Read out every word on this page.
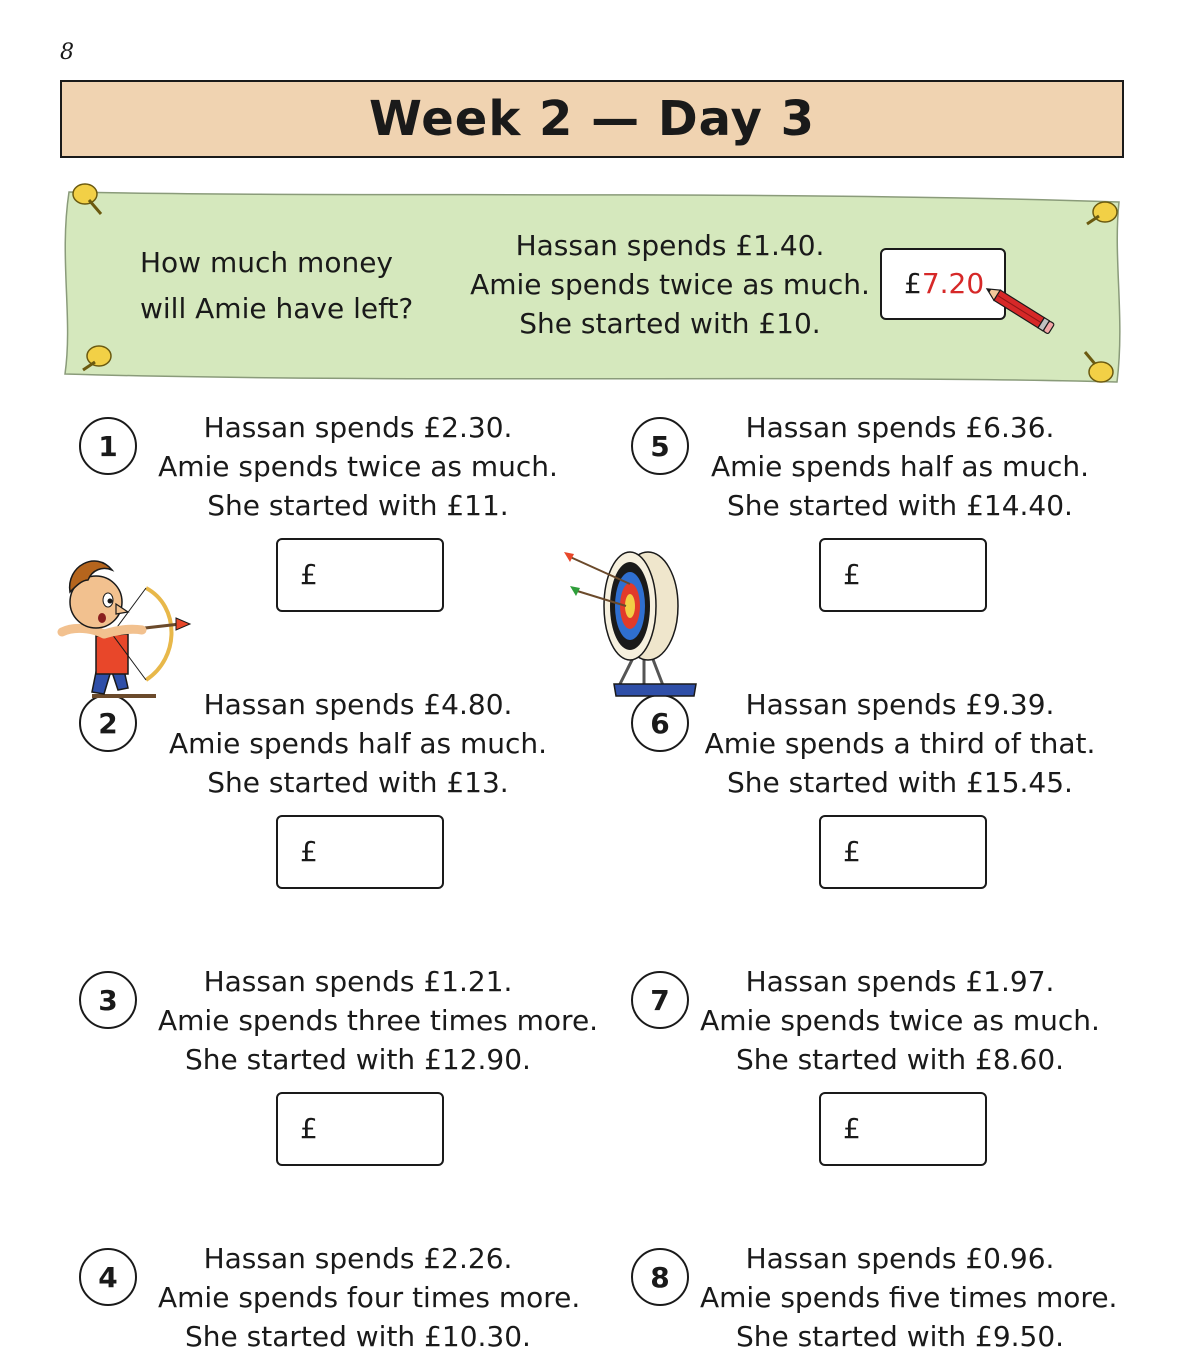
8
Week 2 — Day 3
How much money
will Amie have left?
Hassan spends £1.40.
Amie spends twice as much.
She started with £10.
£7.20
1
Hassan spends £2.30.
Amie spends twice as much.
She started with £11.
£
2
Hassan spends £4.80.
Amie spends half as much.
She started with £13.
£
3
Hassan spends £1.21.
Amie spends three times more.
She started with £12.90.
£
4
Hassan spends £2.26.
Amie spends four times more.
She started with £10.30.
5
Hassan spends £6.36.
Amie spends half as much.
She started with £14.40.
£
6
Hassan spends £9.39.
Amie spends a third of that.
She started with £15.45.
£
7
Hassan spends £1.97.
Amie spends twice as much.
She started with £8.60.
£
8
Hassan spends £0.96.
Amie spends five times more.
She started with £9.50.
